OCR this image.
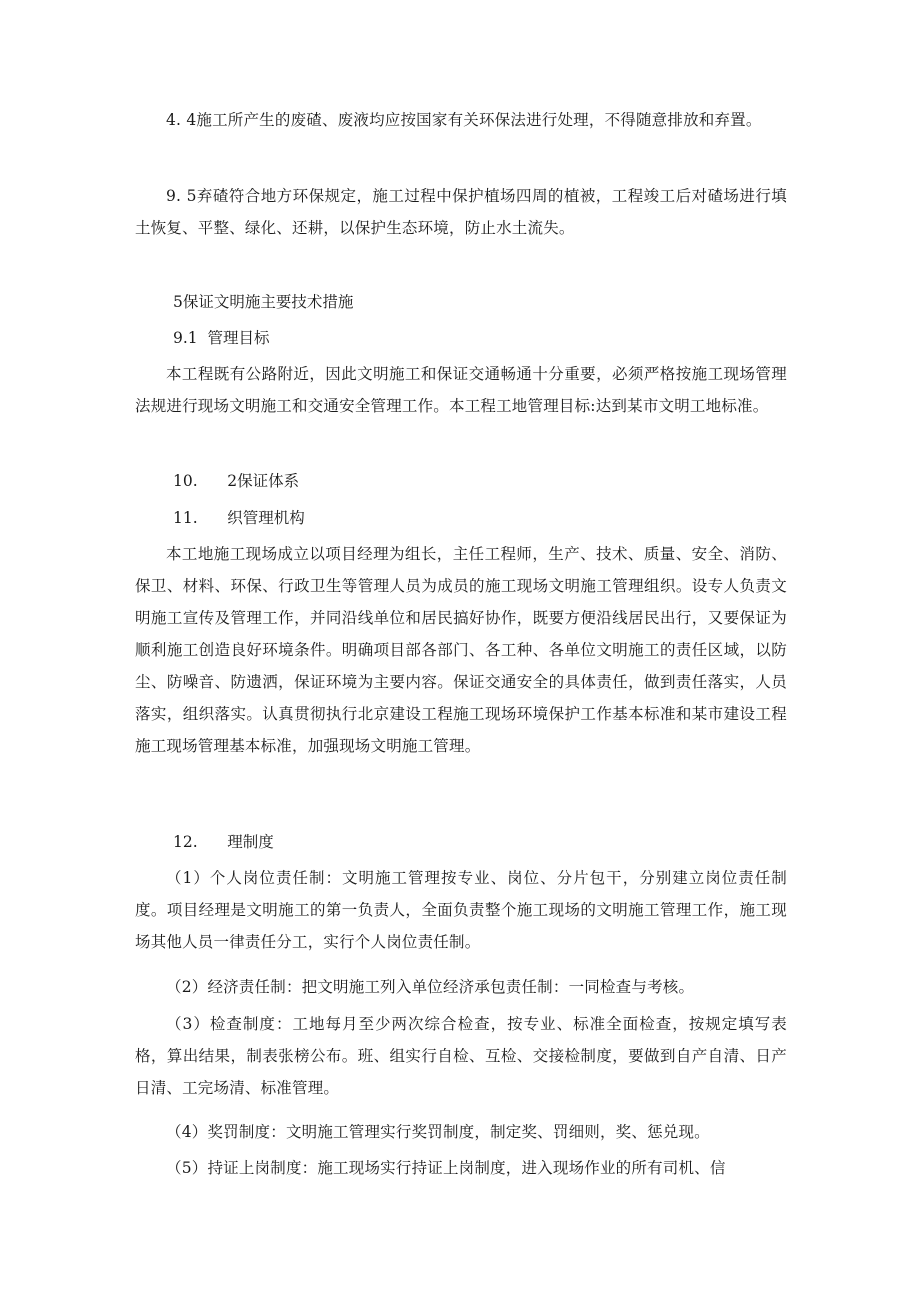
4. 4施工所产生的废碴、废液均应按国家有关环保法进行处理，不得随意排放和弃置。

9. 5弃碴符合地方环保规定，施工过程中保护植场四周的植被，工程竣工后对碴场进行填土恢复、平整、绿化、还耕，以保护生态环境，防止水土流失。

5保证文明施主要技术措施

9.1  管理目标

本工程既有公路附近，因此文明施工和保证交通畅通十分重要，必须严格按施工现场管理法规进行现场文明施工和交通安全管理工作。本工程工地管理目标:达到某市文明工地标准。

10.      2保证体系

11.      织管理机构

本工地施工现场成立以项目经理为组长，主任工程师，生产、技术、质量、安全、消防、保卫、材料、环保、行政卫生等管理人员为成员的施工现场文明施工管理组织。设专人负责文明施工宣传及管理工作，并同沿线单位和居民搞好协作，既要方便沿线居民出行，又要保证为顺利施工创造良好环境条件。明确项目部各部门、各工种、各单位文明施工的责任区域，以防尘、防噪音、防遗洒，保证环境为主要内容。保证交通安全的具体责任，做到责任落实，人员落实，组织落实。认真贯彻执行北京建设工程施工现场环境保护工作基本标准和某市建设工程施工现场管理基本标准，加强现场文明施工管理。

12.      理制度

（1）个人岗位责任制：文明施工管理按专业、岗位、分片包干，分别建立岗位责任制度。项目经理是文明施工的第一负责人，全面负责整个施工现场的文明施工管理工作，施工现场其他人员一律责任分工，实行个人岗位责任制。

（2）经济责任制：把文明施工列入单位经济承包责任制：一同检查与考核。

（3）检查制度：工地每月至少两次综合检查，按专业、标准全面检查，按规定填写表格，算出结果，制表张榜公布。班、组实行自检、互检、交接检制度，要做到自产自清、日产日清、工完场清、标准管理。

（4）奖罚制度：文明施工管理实行奖罚制度，制定奖、罚细则，奖、惩兑现。

（5）持证上岗制度：施工现场实行持证上岗制度，进入现场作业的所有司机、信
